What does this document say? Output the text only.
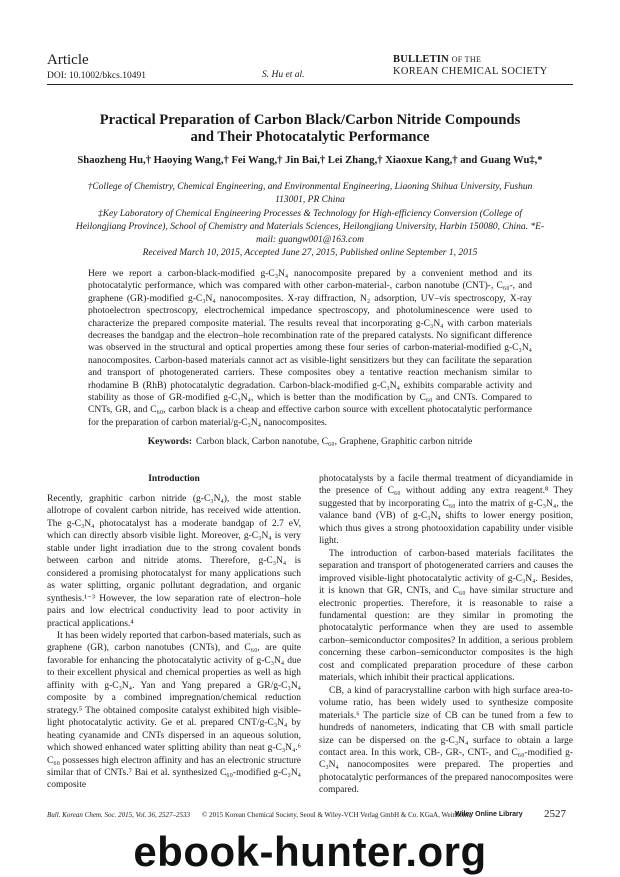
Article
DOI: 10.1002/bkcs.10491	S. Hu et al.
BULLETIN OF THE
KOREAN CHEMICAL SOCIETY
Practical Preparation of Carbon Black/Carbon Nitride Compounds
and Their Photocatalytic Performance
Shaozheng Hu,† Haoying Wang,† Fei Wang,† Jin Bai,† Lei Zhang,† Xiaoxue Kang,† and Guang Wu‡,*
†College of Chemistry, Chemical Engineering, and Environmental Engineering, Liaoning Shihua University, Fushun 113001, PR China
‡Key Laboratory of Chemical Engineering Processes & Technology for High-efficiency Conversion (College of Heilongjiang Province), School of Chemistry and Materials Sciences, Heilongjiang University, Harbin 150080, China. *E-mail: guangw001@163.com
Received March 10, 2015, Accepted June 27, 2015, Published online September 1, 2015
Here we report a carbon-black-modified g-C₃N₄ nanocomposite prepared by a convenient method and its photocatalytic performance, which was compared with other carbon-material-, carbon nanotube (CNT)-, C₆₀-, and graphene (GR)-modified g-C₃N₄ nanocomposites. X-ray diffraction, N₂ adsorption, UV–vis spectroscopy, X-ray photoelectron spectroscopy, electrochemical impedance spectroscopy, and photoluminescence were used to characterize the prepared composite material. The results reveal that incorporating g-C₃N₄ with carbon materials decreases the bandgap and the electron–hole recombination rate of the prepared catalysts. No significant difference was observed in the structural and optical properties among these four series of carbon-material-modified g-C₃N₄ nanocomposites. Carbon-based materials cannot act as visible-light sensitizers but they can facilitate the separation and transport of photogenerated carriers. These composites obey a tentative reaction mechanism similar to rhodamine B (RhB) photocatalytic degradation. Carbon-black-modified g-C₃N₄ exhibits comparable activity and stability as those of GR-modified g-C₃N₄, which is better than the modification by C₆₀ and CNTs. Compared to CNTs, GR, and C₆₀, carbon black is a cheap and effective carbon source with excellent photocatalytic performance for the preparation of carbon material/g-C₃N₄ nanocomposites.
Keywords: Carbon black, Carbon nanotube, C₆₀, Graphene, Graphitic carbon nitride
Introduction

Recently, graphitic carbon nitride (g-C₃N₄), the most stable allotrope of covalent carbon nitride, has received wide attention. The g-C₃N₄ photocatalyst has a moderate bandgap of 2.7 eV, which can directly absorb visible light. Moreover, g-C₃N₄ is very stable under light irradiation due to the strong covalent bonds between carbon and nitride atoms. Therefore, g-C₃N₄ is considered a promising photocatalyst for many applications such as water splitting, organic pollutant degradation, and organic synthesis.¹⁻³ However, the low separation rate of electron–hole pairs and low electrical conductivity lead to poor activity in practical applications.⁴

It has been widely reported that carbon-based materials, such as graphene (GR), carbon nanotubes (CNTs), and C₆₀, are quite favorable for enhancing the photocatalytic activity of g-C₃N₄ due to their excellent physical and chemical properties as well as high affinity with g-C₃N₄. Yan and Yang prepared a GR/g-C₃N₄ composite by a combined impregnation/chemical reduction strategy.⁵ The obtained composite catalyst exhibited high visible-light photocatalytic activity. Ge et al. prepared CNT/g-C₃N₄ by heating cyanamide and CNTs dispersed in an aqueous solution, which showed enhanced water splitting ability than neat g-C₃N₄.⁶ C₆₀ possesses high electron affinity and has an electronic structure similar that of CNTs.⁷ Bai et al. synthesized C₆₀-modified g-C₃N₄ composite

photocatalysts by a facile thermal treatment of dicyandiamide in the presence of C₆₀ without adding any extra reagent.⁸ They suggested that by incorporating C₆₀ into the matrix of g-C₃N₄, the valance band (VB) of g-C₃N₄ shifts to lower energy position, which thus gives a strong photooxidation capability under visible light.

The introduction of carbon-based materials facilitates the separation and transport of photogenerated carriers and causes the improved visible-light photocatalytic activity of g-C₃N₄. Besides, it is known that GR, CNTs, and C₆₀ have similar structure and electronic properties. Therefore, it is reasonable to raise a fundamental question: are they similar in promoting the photocatalytic performance when they are used to assemble carbon–semiconductor composites? In addition, a serious problem concerning these carbon–semiconductor composites is the high cost and complicated preparation procedure of these carbon materials, which inhibit their practical applications.

CB, a kind of paracrystalline carbon with high surface area-to-volume ratio, has been widely used to synthesize composite materials.⁶ The particle size of CB can be tuned from a few to hundreds of nanometers, indicating that CB with small particle size can be dispersed on the g-C₃N₄ surface to obtain a large contact area. In this work, CB-, GR-, CNT-, and C₆₀-modified g-C₃N₄ nanocomposites were prepared. The properties and photocatalytic performances of the prepared nanocomposites were compared.

Bull. Korean Chem. Soc. 2015, Vol. 36, 2527–2533 © 2015 Korean Chemical Society, Seoul & Wiley-VCH Verlag GmbH & Co. KGaA, Weinheim
Wiley Online Library 2527
ebook-hunter.org
